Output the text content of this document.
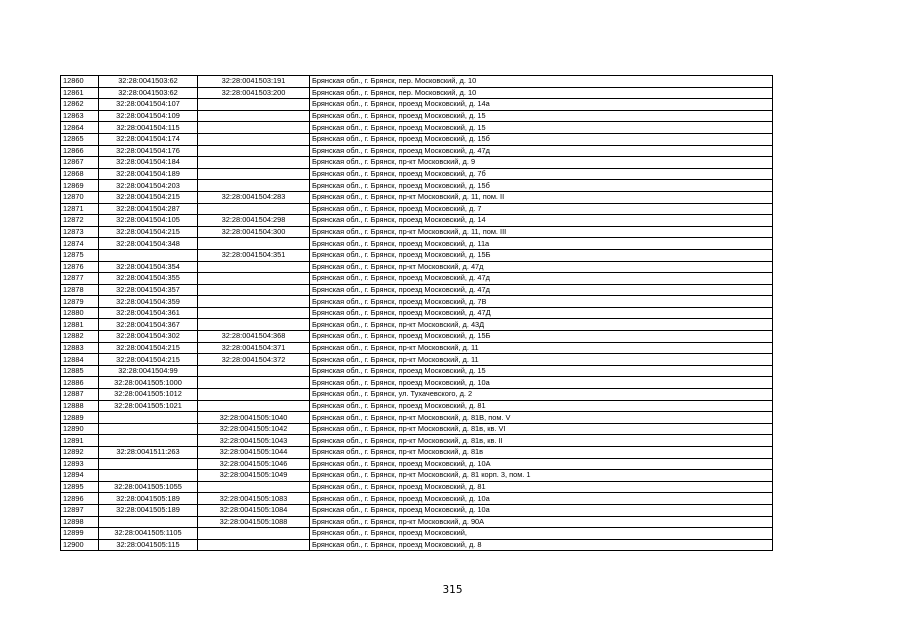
12860	32:28:0041503:62	32:28:0041503:191	Брянская обл., г. Брянск, пер. Московский, д. 10
12861	32:28:0041503:62	32:28:0041503:200	Брянская обл., г. Брянск, пер. Московский, д. 10
12862	32:28:0041504:107		Брянская обл., г. Брянск, проезд Московский, д. 14а
12863	32:28:0041504:109		Брянская обл., г. Брянск, проезд Московский, д. 15
12864	32:28:0041504:115		Брянская обл., г. Брянск, проезд Московский, д. 15
12865	32:28:0041504:174		Брянская обл., г. Брянск, проезд Московский, д. 15б
12866	32:28:0041504:176		Брянская обл., г. Брянск, проезд Московский, д. 47д
12867	32:28:0041504:184		Брянская обл., г. Брянск, пр-кт Московский, д. 9
12868	32:28:0041504:189		Брянская обл., г. Брянск, проезд Московский, д. 7б
12869	32:28:0041504:203		Брянская обл., г. Брянск, проезд Московский, д. 15б
12870	32:28:0041504:215	32:28:0041504:283	Брянская обл., г. Брянск, пр-кт Московский, д. 11, пом. II
12871	32:28:0041504:287		Брянская обл., г. Брянск, проезд Московский, д. 7
12872	32:28:0041504:105	32:28:0041504:298	Брянская обл., г. Брянск, проезд Московский, д. 14
12873	32:28:0041504:215	32:28:0041504:300	Брянская обл., г. Брянск, пр-кт Московский, д. 11, пом. III
12874	32:28:0041504:348		Брянская обл., г. Брянск, проезд Московский, д. 11а
12875		32:28:0041504:351	Брянская обл., г. Брянск, проезд Московский, д. 15Б
12876	32:28:0041504:354		Брянская обл., г. Брянск, пр-кт Московский, д. 47д
12877	32:28:0041504:355		Брянская обл., г. Брянск, проезд Московский, д. 47д
12878	32:28:0041504:357		Брянская обл., г. Брянск, проезд Московский, д. 47д
12879	32:28:0041504:359		Брянская обл., г. Брянск, проезд Московский, д. 7В
12880	32:28:0041504:361		Брянская обл., г. Брянск, проезд Московский, д. 47Д
12881	32:28:0041504:367		Брянская обл., г. Брянск, пр-кт Московский, д. 43Д
12882	32:28:0041504:302	32:28:0041504:368	Брянская обл., г. Брянск, проезд Московский, д. 15Б
12883	32:28:0041504:215	32:28:0041504:371	Брянская обл., г. Брянск, пр-кт Московский, д. 11
12884	32:28:0041504:215	32:28:0041504:372	Брянская обл., г. Брянск, пр-кт Московский, д. 11
12885	32:28:0041504:99		Брянская обл., г. Брянск, проезд Московский, д. 15
12886	32:28:0041505:1000		Брянская обл., г. Брянск, проезд Московский, д. 10а
12887	32:28:0041505:1012		Брянская обл., г. Брянск, ул. Тухачевского, д. 2
12888	32:28:0041505:1021		Брянская обл., г. Брянск, проезд Московский, д. 81
12889		32:28:0041505:1040	Брянская обл., г. Брянск, пр-кт Московский, д. 81В, пом. V
12890		32:28:0041505:1042	Брянская обл., г. Брянск, пр-кт Московский, д. 81в, кв. VI
12891		32:28:0041505:1043	Брянская обл., г. Брянск, пр-кт Московский, д. 81в, кв. II
12892	32:28:0041511:263	32:28:0041505:1044	Брянская обл., г. Брянск, пр-кт Московский, д. 81в
12893		32:28:0041505:1046	Брянская обл., г. Брянск, проезд Московский, д. 10А
12894		32:28:0041505:1049	Брянская обл., г. Брянск, пр-кт Московский, д. 81 корп. 3, пом. 1
12895	32:28:0041505:1055		Брянская обл., г. Брянск, проезд Московский, д. 81
12896	32:28:0041505:189	32:28:0041505:1083	Брянская обл., г. Брянск, проезд Московский, д. 10а
12897	32:28:0041505:189	32:28:0041505:1084	Брянская обл., г. Брянск, проезд Московский, д. 10а
12898		32:28:0041505:1088	Брянская обл., г. Брянск, пр-кт Московский, д. 90А
12899	32:28:0041505:1105		Брянская обл., г. Брянск, проезд Московский,
12900	32:28:0041505:115		Брянская обл., г. Брянск, проезд Московский, д. 8
315
